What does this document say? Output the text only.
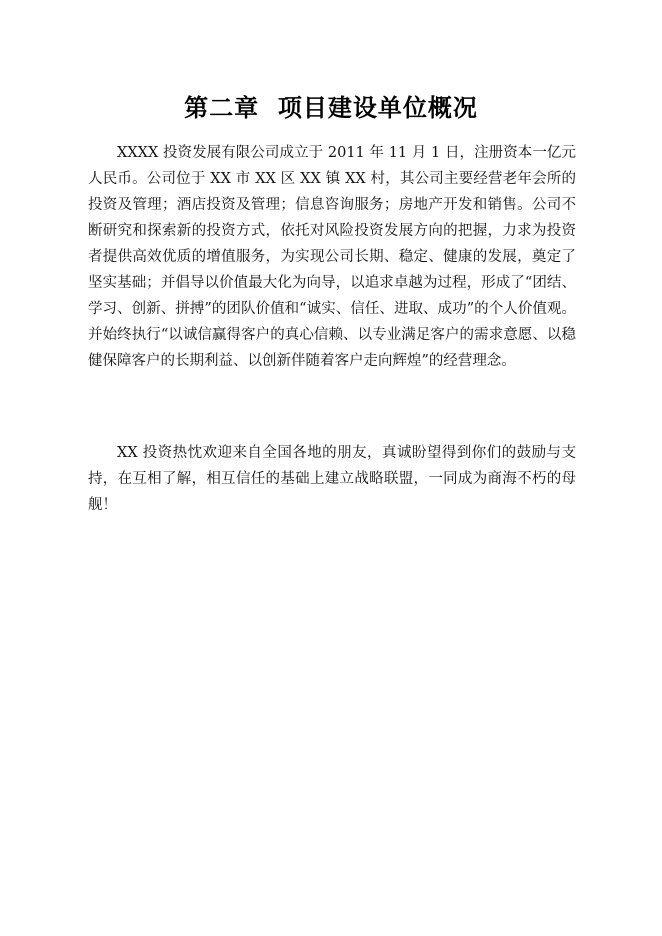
第二章  项目建设单位概况

XXXX 投资发展有限公司成立于 2011 年 11 月 1 日，注册资本一亿元人民币。公司位于 XX 市 XX 区 XX 镇 XX 村，其公司主要经营老年会所的投资及管理；酒店投资及管理；信息咨询服务；房地产开发和销售。公司不断研究和探索新的投资方式，依托对风险投资发展方向的把握，力求为投资者提供高效优质的增值服务，为实现公司长期、稳定、健康的发展，奠定了坚实基础；并倡导以价值最大化为向导，以追求卓越为过程，形成了“团结、学习、创新、拼搏”的团队价值和“诚实、信任、进取、成功”的个人价值观。并始终执行“以诚信赢得客户的真心信赖、以专业满足客户的需求意愿、以稳健保障客户的长期利益、以创新伴随着客户走向辉煌”的经营理念。

XX 投资热忱欢迎来自全国各地的朋友，真诚盼望得到你们的鼓励与支持，在互相了解，相互信任的基础上建立战略联盟，一同成为商海不朽的母舰！
